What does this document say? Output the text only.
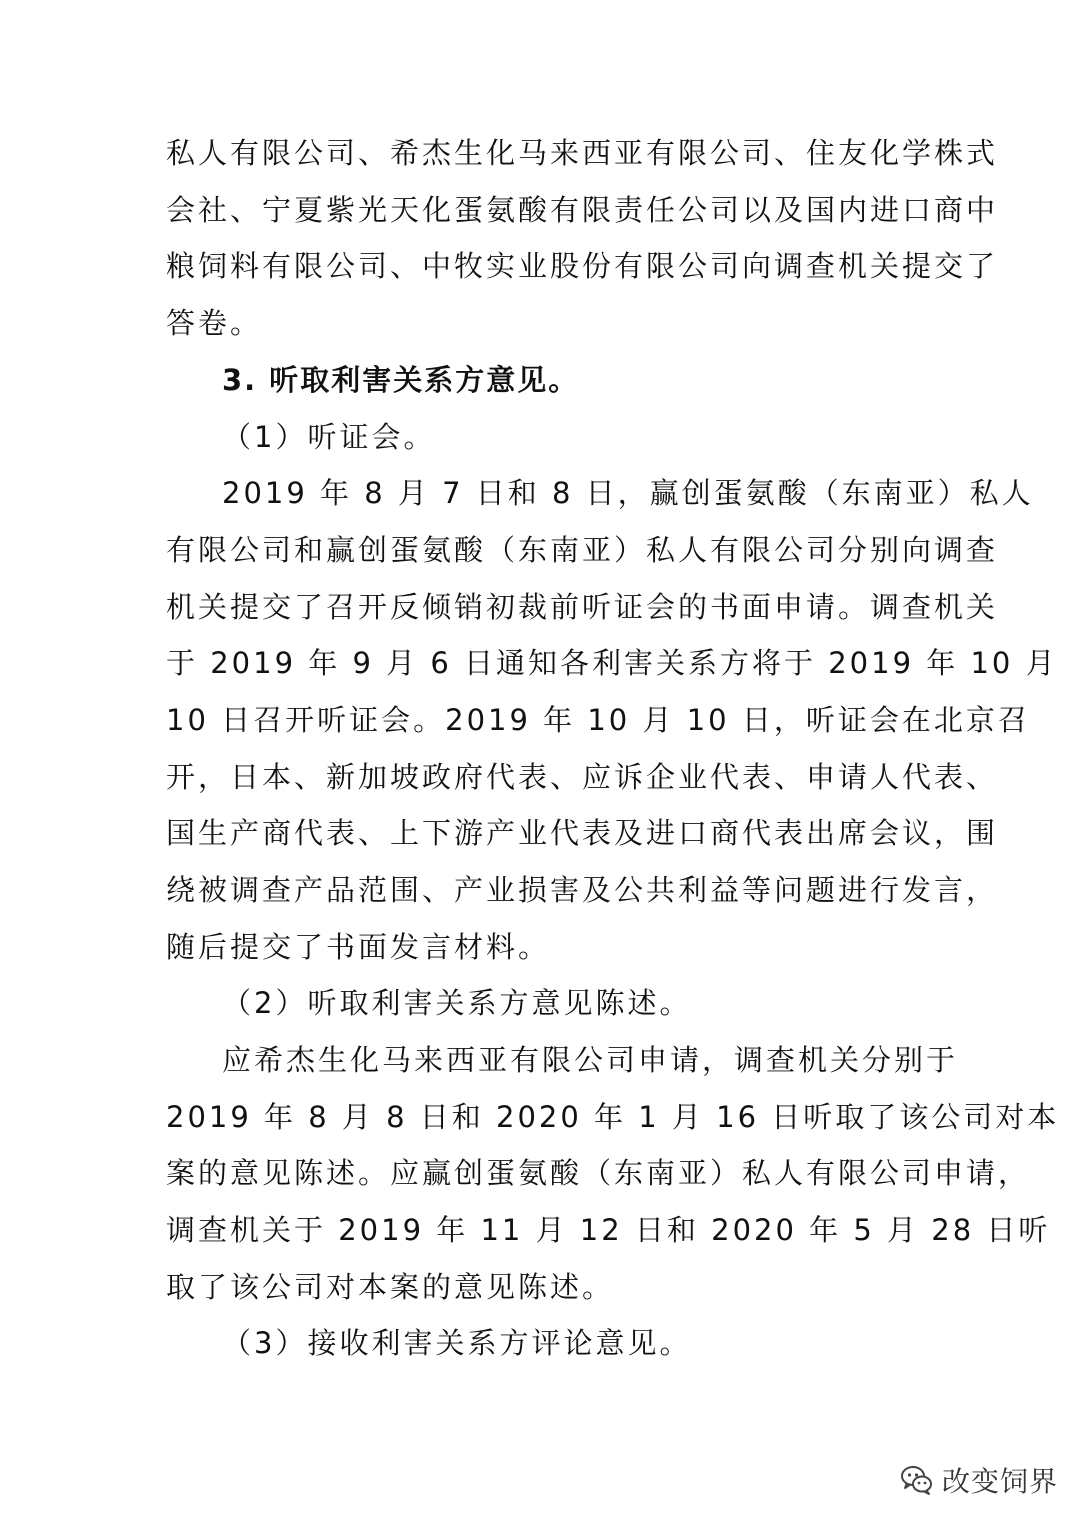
私人有限公司、希杰生化马来西亚有限公司、住友化学株式
会社、宁夏紫光天化蛋氨酸有限责任公司以及国内进口商中
粮饲料有限公司、中牧实业股份有限公司向调查机关提交了
答卷。
3. 听取利害关系方意见。
（1）听证会。
2019 年 8 月 7 日和 8 日，赢创蛋氨酸（东南亚）私人
有限公司和赢创蛋氨酸（东南亚）私人有限公司分别向调查
机关提交了召开反倾销初裁前听证会的书面申请。调查机关
于 2019 年 9 月 6 日通知各利害关系方将于 2019 年 10 月
10 日召开听证会。2019 年 10 月 10 日，听证会在北京召
开，日本、新加坡政府代表、应诉企业代表、申请人代表、
国生产商代表、上下游产业代表及进口商代表出席会议，围
绕被调查产品范围、产业损害及公共利益等问题进行发言，
随后提交了书面发言材料。
（2）听取利害关系方意见陈述。
应希杰生化马来西亚有限公司申请，调查机关分别于
2019 年 8 月 8 日和 2020 年 1 月 16 日听取了该公司对本
案的意见陈述。应赢创蛋氨酸（东南亚）私人有限公司申请，
调查机关于 2019 年 11 月 12 日和 2020 年 5 月 28 日听
取了该公司对本案的意见陈述。
（3）接收利害关系方评论意见。
改变饲界
